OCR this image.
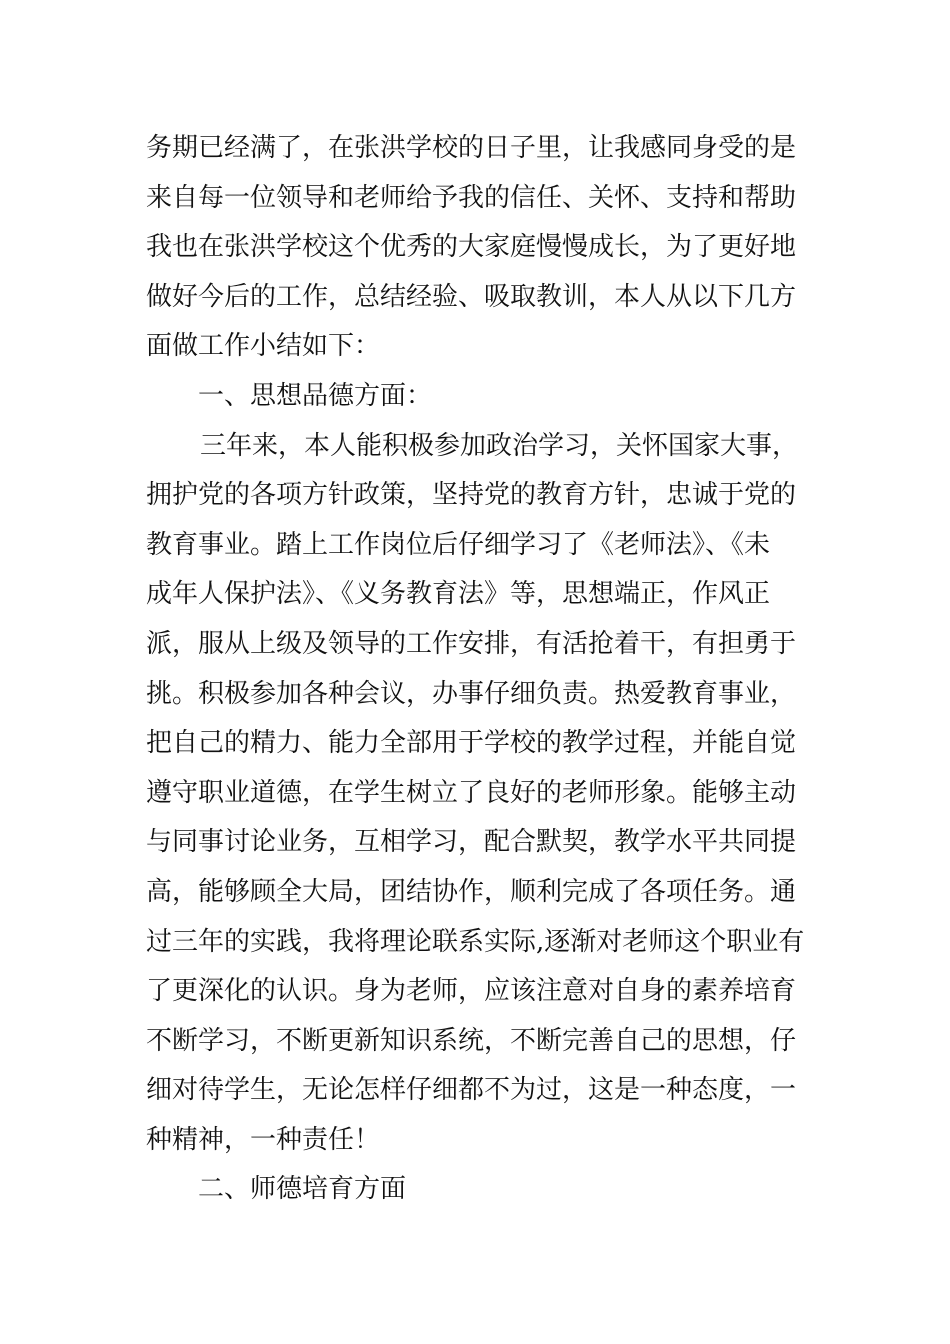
务期已经满了，在张洪学校的日子里，让我感同身受的是
来自每一位领导和老师给予我的信任、关怀、支持和帮助
我也在张洪学校这个优秀的大家庭慢慢成长，为了更好地
做好今后的工作，总结经验、吸取教训，本人从以下几方
面做工作小结如下：
一、思想品德方面：
三年来，本人能积极参加政治学习，关怀国家大事，
拥护党的各项方针政策，坚持党的教育方针，忠诚于党的
教育事业。踏上工作岗位后仔细学习了《老师法》、《未
成年人保护法》、《义务教育法》等，思想端正，作风正
派，服从上级及领导的工作安排，有活抢着干，有担勇于
挑。积极参加各种会议，办事仔细负责。热爱教育事业，
把自己的精力、能力全部用于学校的教学过程，并能自觉
遵守职业道德，在学生树立了良好的老师形象。能够主动
与同事讨论业务，互相学习，配合默契，教学水平共同提
高，能够顾全大局，团结协作，顺利完成了各项任务。通
过三年的实践，我将理论联系实际,逐渐对老师这个职业有
了更深化的认识。身为老师，应该注意对自身的素养培育
不断学习，不断更新知识系统，不断完善自己的思想，仔
细对待学生，无论怎样仔细都不为过，这是一种态度，一
种精神，一种责任！
二、师德培育方面
